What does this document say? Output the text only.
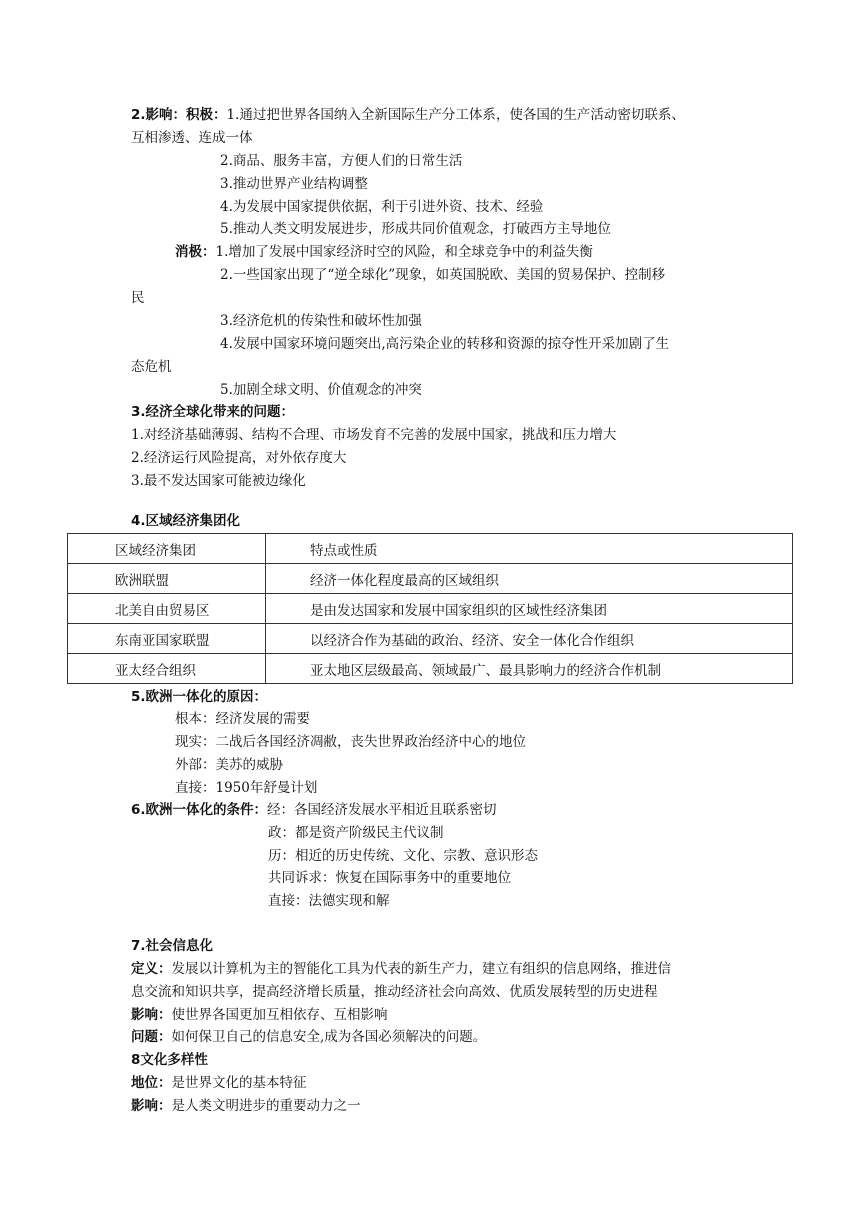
2.影响：积极：1.通过把世界各国纳入全新国际生产分工体系，使各国的生产活动密切联系、
互相渗透、连成一体
2.商品、服务丰富，方便人们的日常生活
3.推动世界产业结构调整
4.为发展中国家提供依据，利于引进外资、技术、经验
5.推动人类文明发展进步，形成共同价值观念，打破西方主导地位
消极：1.增加了发展中国家经济时空的风险，和全球竞争中的利益失衡
2.一些国家出现了“逆全球化”现象，如英国脱欧、美国的贸易保护、控制移
民
3.经济危机的传染性和破坏性加强
4.发展中国家环境问题突出,高污染企业的转移和资源的掠夺性开采加剧了生
态危机
5.加剧全球文明、价值观念的冲突
3.经济全球化带来的问题：
1.对经济基础薄弱、结构不合理、市场发育不完善的发展中国家，挑战和压力增大
2.经济运行风险提高，对外依存度大
3.最不发达国家可能被边缘化
4.区域经济集团化
区域经济集团	特点或性质
欧洲联盟	经济一体化程度最高的区域组织
北美自由贸易区	是由发达国家和发展中国家组织的区域性经济集团
东南亚国家联盟	以经济合作为基础的政治、经济、安全一体化合作组织
亚太经合组织	亚太地区层级最高、领域最广、最具影响力的经济合作机制
5.欧洲一体化的原因：
根本：经济发展的需要
现实：二战后各国经济凋敝，丧失世界政治经济中心的地位
外部：美苏的威胁
直接：1950年舒曼计划
6.欧洲一体化的条件：经：各国经济发展水平相近且联系密切
政：都是资产阶级民主代议制
历：相近的历史传统、文化、宗教、意识形态
共同诉求：恢复在国际事务中的重要地位
直接：法德实现和解
7.社会信息化
定义：发展以计算机为主的智能化工具为代表的新生产力，建立有组织的信息网络，推进信
息交流和知识共享，提高经济增长质量，推动经济社会向高效、优质发展转型的历史进程
影响：使世界各国更加互相依存、互相影响
问题：如何保卫自己的信息安全,成为各国必须解决的问题。
8文化多样性
地位：是世界文化的基本特征
影响：是人类文明进步的重要动力之一
